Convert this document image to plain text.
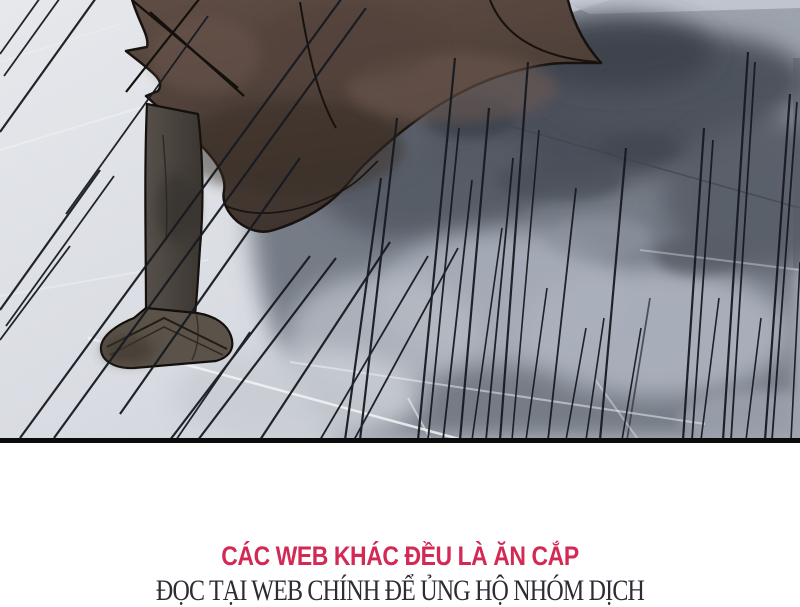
CÁC WEB KHÁC ĐỀU LÀ ĂN CẮP
ĐỌC TẠI WEB CHÍNH ĐỂ ỦNG HỘ NHÓM DỊCH
